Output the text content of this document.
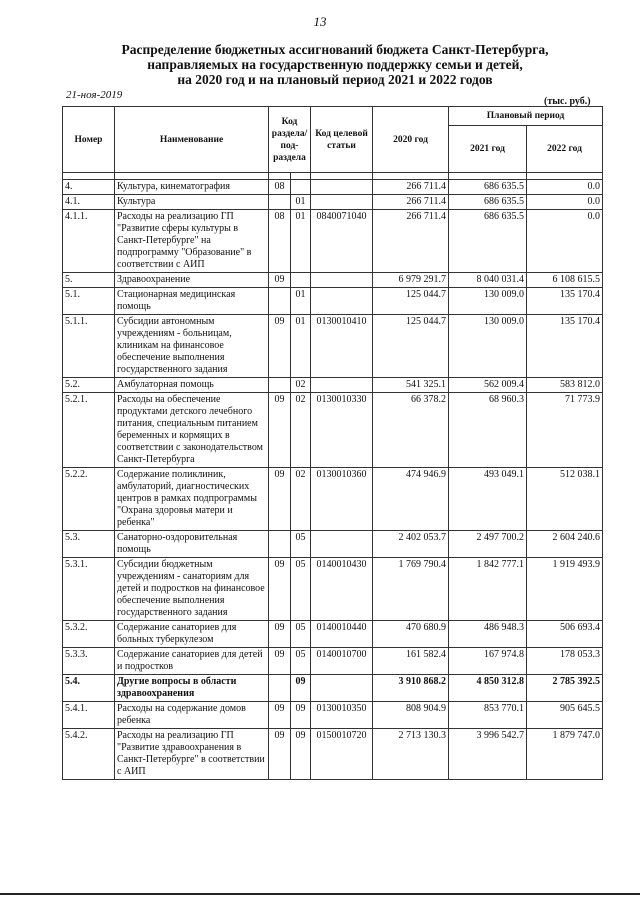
13
Распределение бюджетных ассигнований бюджета Санкт-Петербурга,
направляемых на государственную поддержку семьи и детей,
на 2020 год и на плановый период 2021 и 2022 годов
21-ноя-2019
(тыс. руб.)
Номер	Наименование	Код раздела/ под- раздела		Код целевой статьи	2020 год	Плановый период	
						2021 год	2022 год

4.	Культура, кинематография	08			266 711.4	686 635.5	0.0
4.1.	Культура		01		266 711.4	686 635.5	0.0
4.1.1.	Расходы на реализацию ГП "Развитие сферы культуры в Санкт-Петербурге" на подпрограмму "Образование" в соответствии с АИП	08	01	0840071040	266 711.4	686 635.5	0.0
5.	Здравоохранение	09			6 979 291.7	8 040 031.4	6 108 615.5
5.1.	Стационарная медицинская помощь		01		125 044.7	130 009.0	135 170.4
5.1.1.	Субсидии автономным учреждениям - больницам, клиникам на финансовое обеспечение выполнения государственного задания	09	01	0130010410	125 044.7	130 009.0	135 170.4
5.2.	Амбулаторная помощь		02		541 325.1	562 009.4	583 812.0
5.2.1.	Расходы на обеспечение продуктами детского лечебного питания, специальным питанием беременных и кормящих в соответствии с законодательством Санкт-Петербурга	09	02	0130010330	66 378.2	68 960.3	71 773.9
5.2.2.	Содержание поликлиник, амбулаторий, диагностических центров в рамках подпрограммы "Охрана здоровья матери и ребенка"	09	02	0130010360	474 946.9	493 049.1	512 038.1
5.3.	Санаторно-оздоровительная помощь		05		2 402 053.7	2 497 700.2	2 604 240.6
5.3.1.	Субсидии бюджетным учреждениям - санаториям для детей и подростков на финансовое обеспечение выполнения государственного задания	09	05	0140010430	1 769 790.4	1 842 777.1	1 919 493.9
5.3.2.	Содержание санаториев для больных туберкулезом	09	05	0140010440	470 680.9	486 948.3	506 693.4
5.3.3.	Содержание санаториев для детей и подростков	09	05	0140010700	161 582.4	167 974.8	178 053.3
5.4.	Другие вопросы в области здравоохранения		09		3 910 868.2	4 850 312.8	2 785 392.5
5.4.1.	Расходы на содержание домов ребенка	09	09	0130010350	808 904.9	853 770.1	905 645.5
5.4.2.	Расходы на реализацию ГП "Развитие здравоохранения в Санкт-Петербурге" в соответствии с АИП	09	09	0150010720	2 713 130.3	3 996 542.7	1 879 747.0
